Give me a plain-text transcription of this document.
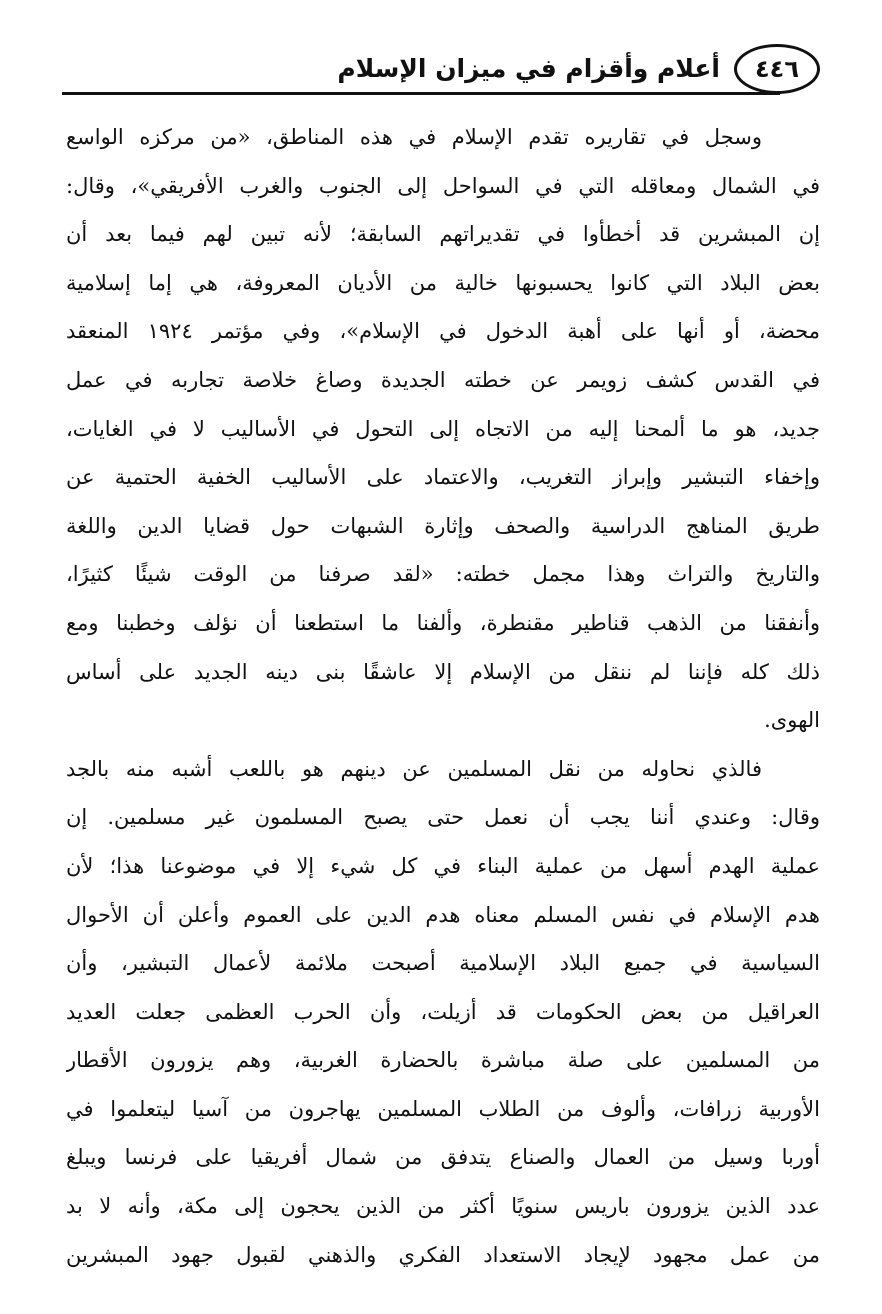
٤٤٦
أعلام وأقزام في ميزان الإسلام
وسجل في تقاريره تقدم الإسلام في هذه المناطق، «من مركزه الواسع
في الشمال ومعاقله التي في السواحل إلى الجنوب والغرب الأفريقي»، وقال:
إن المبشرين قد أخطأوا في تقديراتهم السابقة؛ لأنه تبين لهم فيما بعد أن
بعض البلاد التي كانوا يحسبونها خالية من الأديان المعروفة، هي إما إسلامية
محضة، أو أنها على أهبة الدخول في الإسلام»، وفي مؤتمر ١٩٢٤ المنعقد
في القدس كشف زويمر عن خطته الجديدة وصاغ خلاصة تجاربه في عمل
جديد، هو ما ألمحنا إليه من الاتجاه إلى التحول في الأساليب لا في الغايات،
وإخفاء التبشير وإبراز التغريب، والاعتماد على الأساليب الخفية الحتمية عن
طريق المناهج الدراسية والصحف وإثارة الشبهات حول قضايا الدين واللغة
والتاريخ والتراث وهذا مجمل خطته: «لقد صرفنا من الوقت شيئًا كثيرًا،
وأنفقنا من الذهب قناطير مقنطرة، وألفنا ما استطعنا أن نؤلف وخطبنا ومع
ذلك كله فإننا لم ننقل من الإسلام إلا عاشقًا بنى دينه الجديد على أساس
الهوى.
فالذي نحاوله من نقل المسلمين عن دينهم هو باللعب أشبه منه بالجد
وقال: وعندي أننا يجب أن نعمل حتى يصبح المسلمون غير مسلمين. إن
عملية الهدم أسهل من عملية البناء في كل شيء إلا في موضوعنا هذا؛ لأن
هدم الإسلام في نفس المسلم معناه هدم الدين على العموم وأعلن أن الأحوال
السياسية في جميع البلاد الإسلامية أصبحت ملائمة لأعمال التبشير، وأن
العراقيل من بعض الحكومات قد أزيلت، وأن الحرب العظمى جعلت العديد
من المسلمين على صلة مباشرة بالحضارة الغربية، وهم يزورون الأقطار
الأوربية زرافات، وألوف من الطلاب المسلمين يهاجرون من آسيا ليتعلموا في
أوربا وسيل من العمال والصناع يتدفق من شمال أفريقيا على فرنسا ويبلغ
عدد الذين يزورون باريس سنويًا أكثر من الذين يحجون إلى مكة، وأنه لا بد
من عمل مجهود لإيجاد الاستعداد الفكري والذهني لقبول جهود المبشرين
